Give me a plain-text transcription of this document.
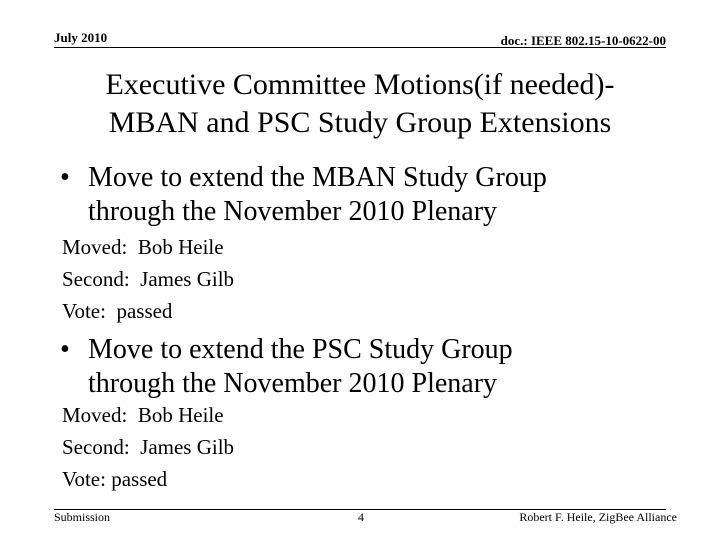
July 2010	doc.: IEEE 802.15-10-0622-00
Executive Committee Motions(if needed)-
MBAN and PSC Study Group Extensions
• Move to extend the MBAN Study Group
through the November 2010 Plenary
Moved:  Bob Heile
Second:  James Gilb
Vote:  passed
• Move to extend the PSC Study Group
through the November 2010 Plenary
Moved:  Bob Heile
Second:  James Gilb
Vote: passed
Submission	4	Robert F. Heile, ZigBee Alliance
